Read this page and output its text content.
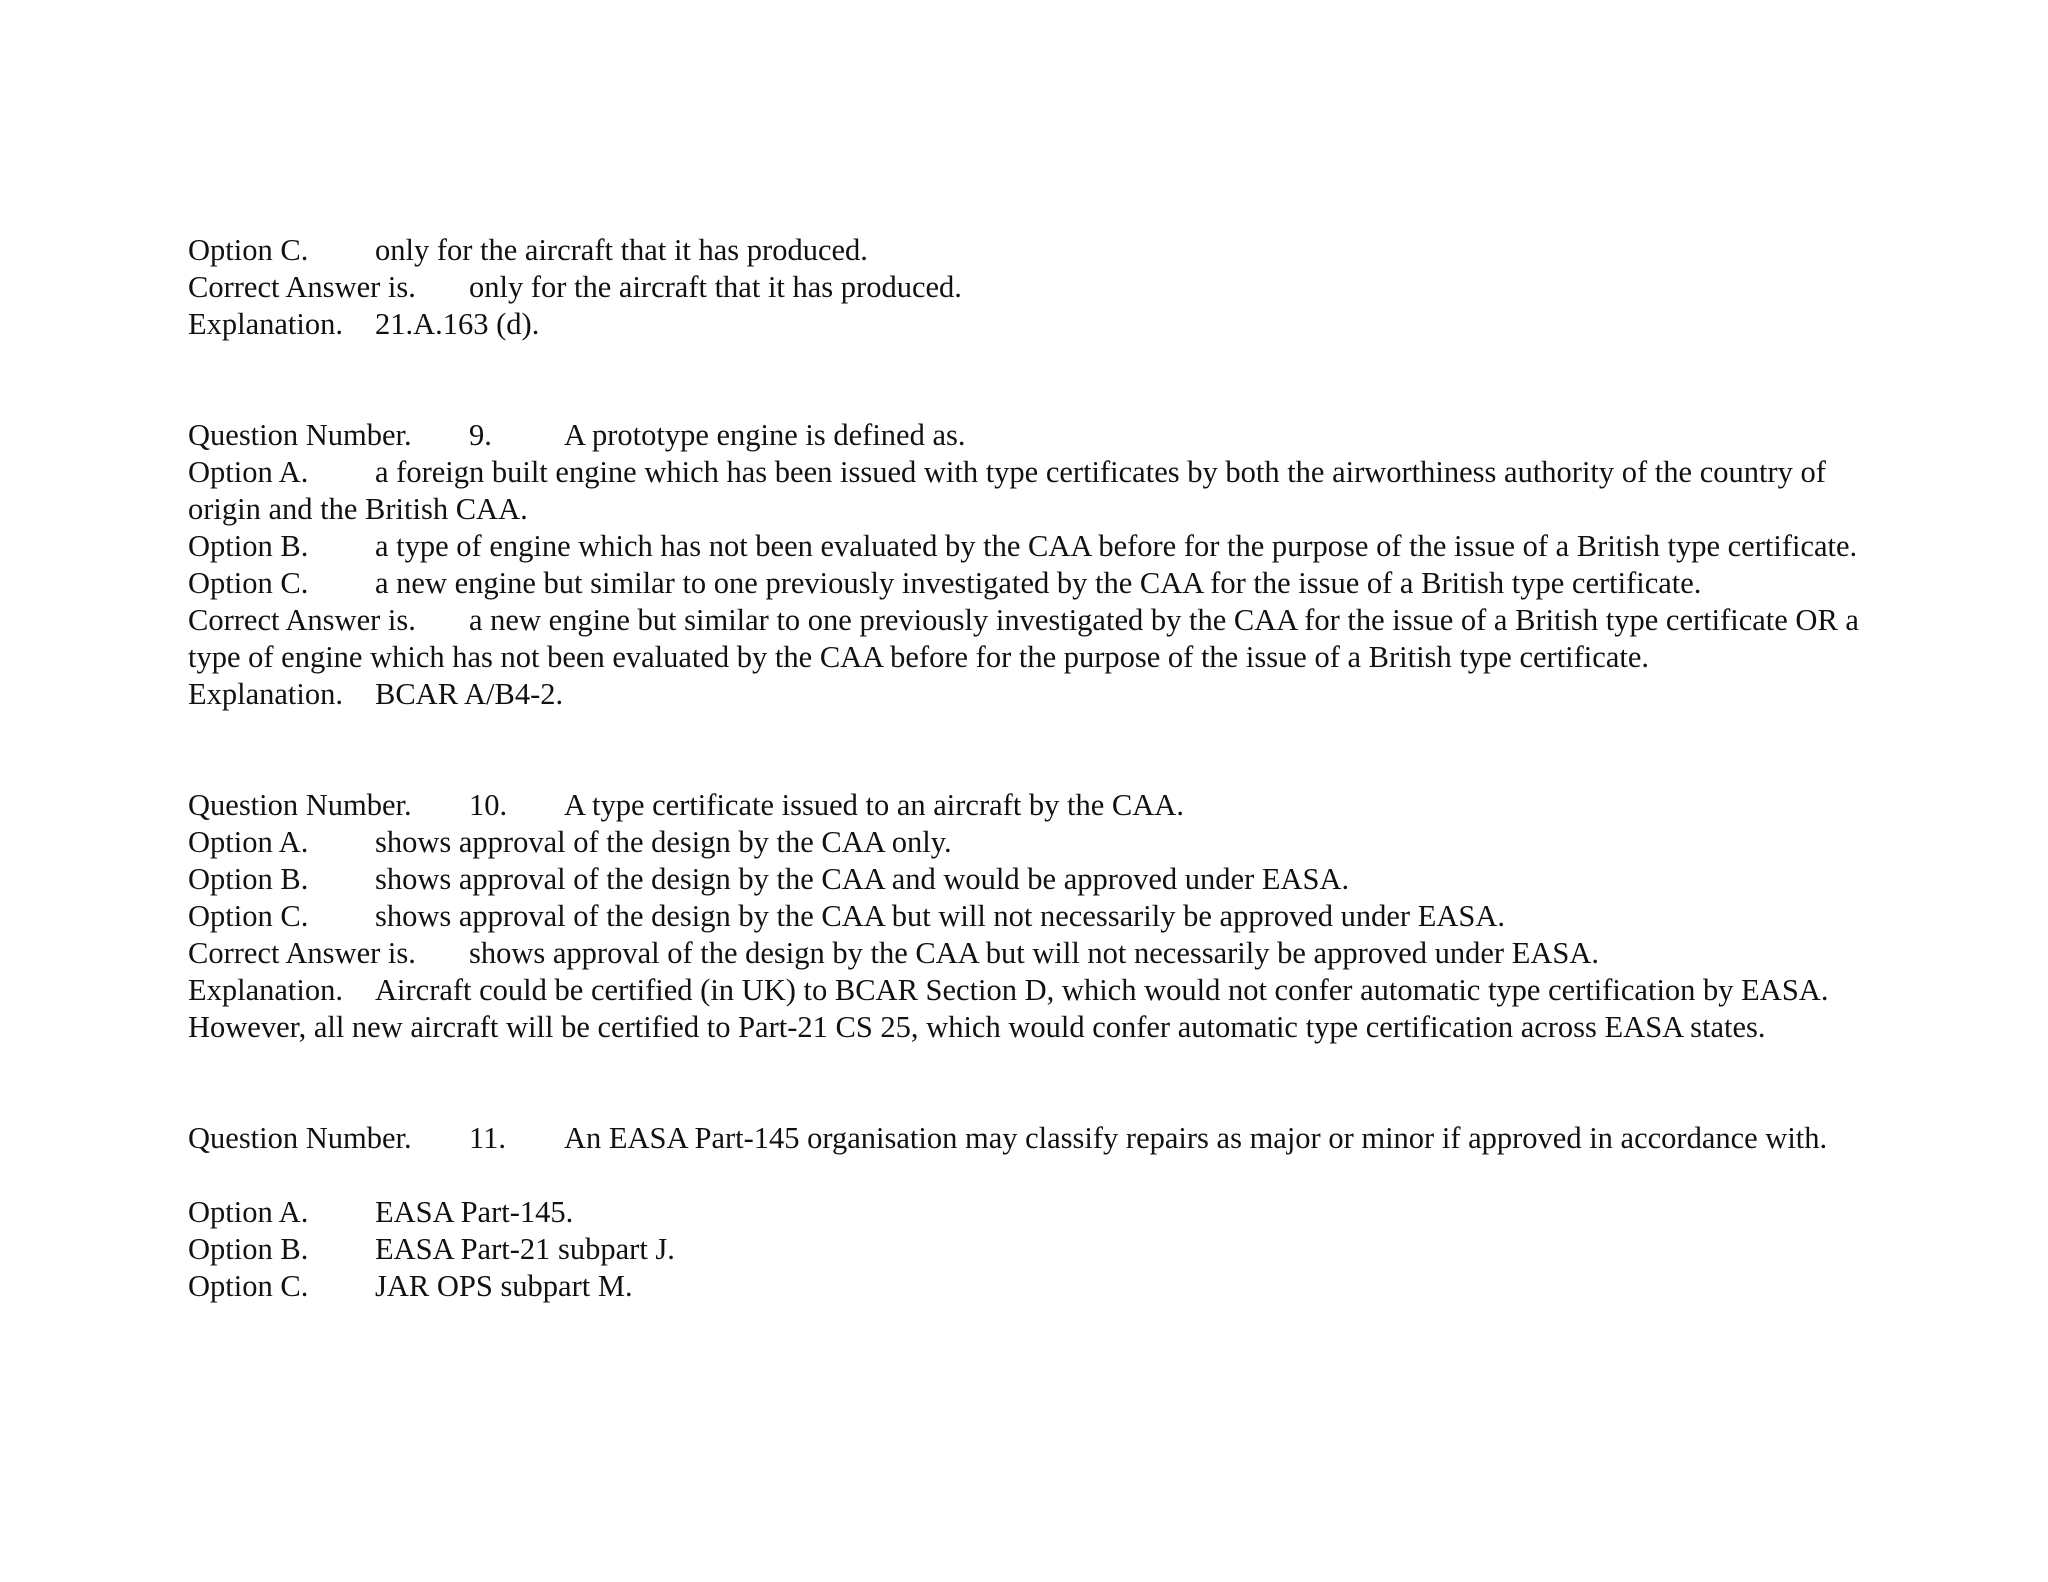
Option C. only for the aircraft that it has produced.
Correct Answer is. only for the aircraft that it has produced.
Explanation. 21.A.163 (d).
Question Number. 9. A prototype engine is defined as.
Option A. a foreign built engine which has been issued with type certificates by both the airworthiness authority of the country of origin and the British CAA.
Option B. a type of engine which has not been evaluated by the CAA before for the purpose of the issue of a British type certificate.
Option C. a new engine but similar to one previously investigated by the CAA for the issue of a British type certificate.
Correct Answer is. a new engine but similar to one previously investigated by the CAA for the issue of a British type certificate OR a type of engine which has not been evaluated by the CAA before for the purpose of the issue of a British type certificate.
Explanation. BCAR A/B4-2.
Question Number. 10. A type certificate issued to an aircraft by the CAA.
Option A. shows approval of the design by the CAA only.
Option B. shows approval of the design by the CAA and would be approved under EASA.
Option C. shows approval of the design by the CAA but will not necessarily be approved under EASA.
Correct Answer is. shows approval of the design by the CAA but will not necessarily be approved under EASA.
Explanation. Aircraft could be certified (in UK) to BCAR Section D, which would not confer automatic type certification by EASA. However, all new aircraft will be certified to Part-21 CS 25, which would confer automatic type certification across EASA states.
Question Number. 11. An EASA Part-145 organisation may classify repairs as major or minor if approved in accordance with.
Option A. EASA Part-145.
Option B. EASA Part-21 subpart J.
Option C. JAR OPS subpart M.
